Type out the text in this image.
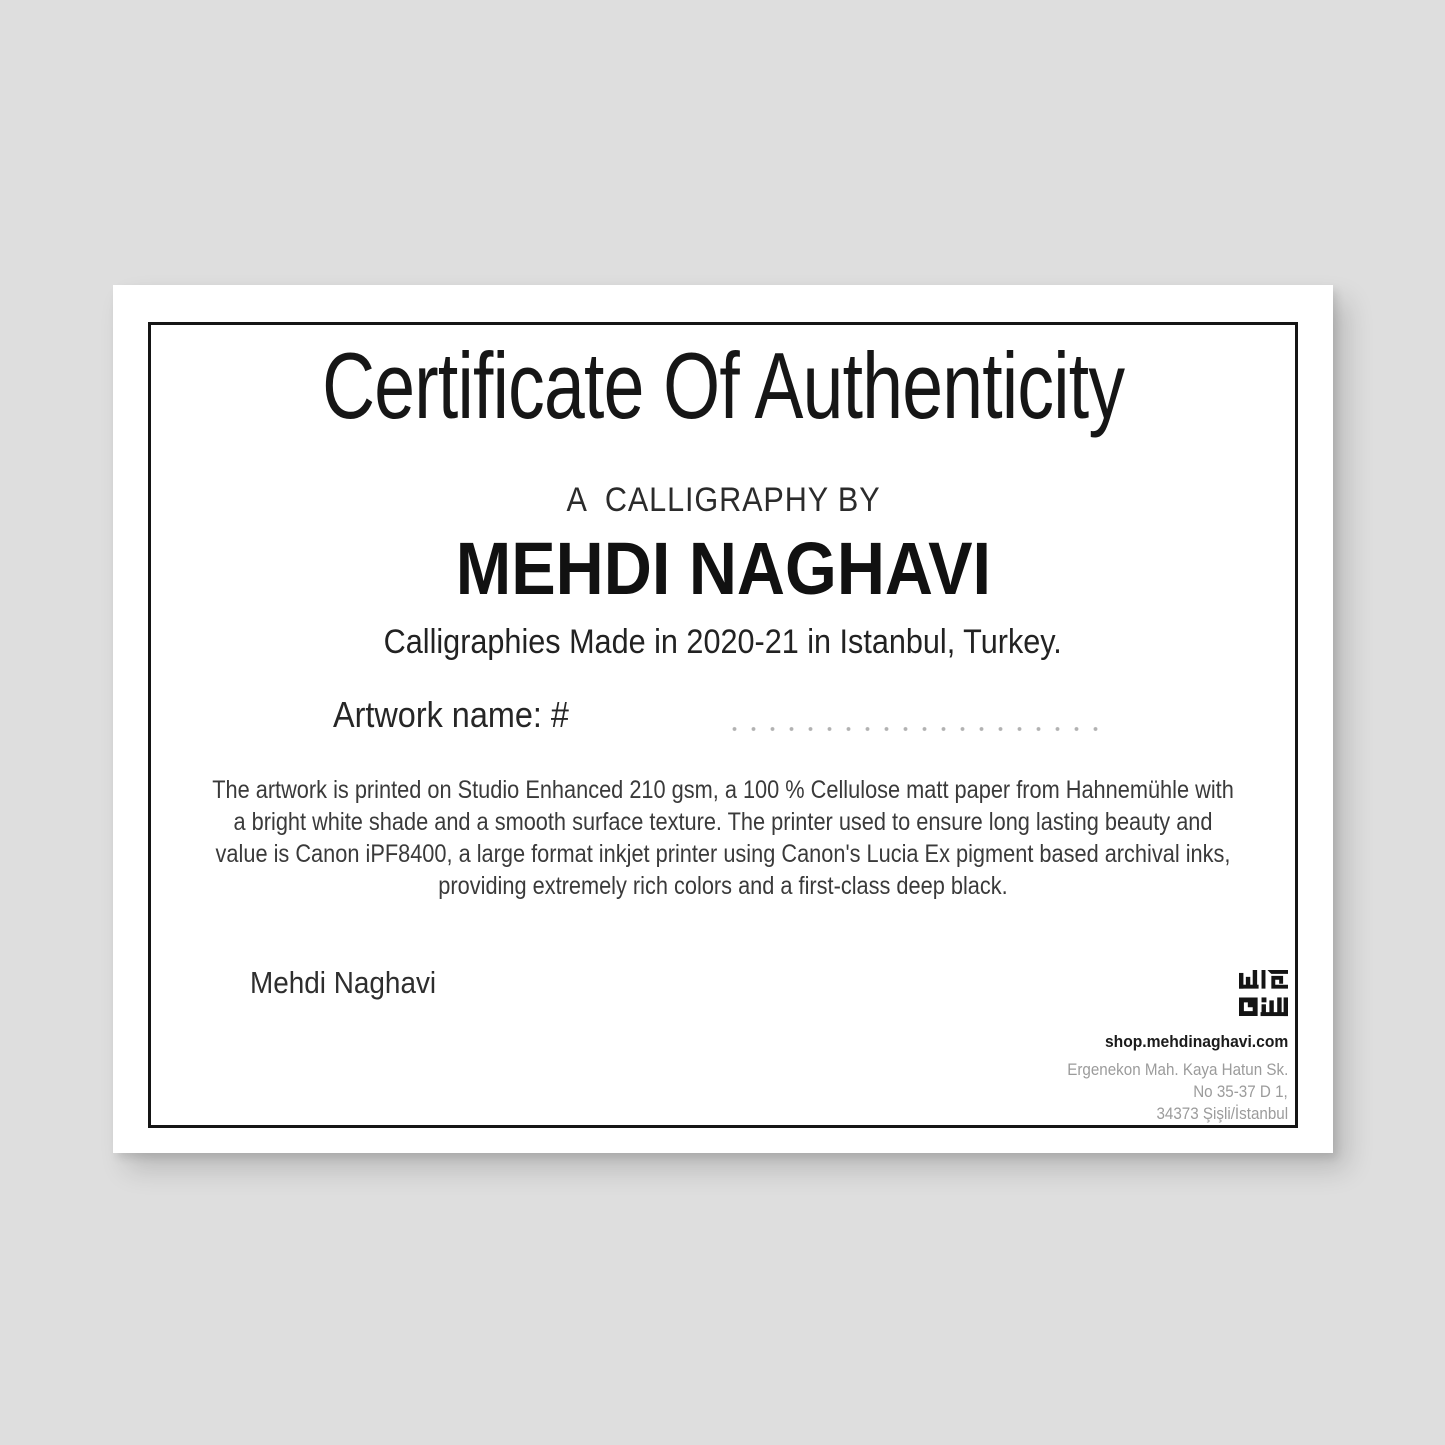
Certificate Of Authenticity
A  CALLIGRAPHY BY
MEHDI NAGHAVI
Calligraphies Made in 2020-21 in Istanbul, Turkey.
Artwork name: #
The artwork is printed on Studio Enhanced 210 gsm, a 100 % Cellulose matt paper from Hahnemühle with
a bright white shade and a smooth surface texture. The printer used to ensure long lasting beauty and
value is Canon iPF8400, a large format inkjet printer using Canon's Lucia Ex pigment based archival inks,
providing extremely rich colors and a first-class deep black.
Mehdi Naghavi
shop.mehdinaghavi.com
Ergenekon Mah. Kaya Hatun Sk.
No 35-37 D 1,
34373 Şişli/İstanbul
